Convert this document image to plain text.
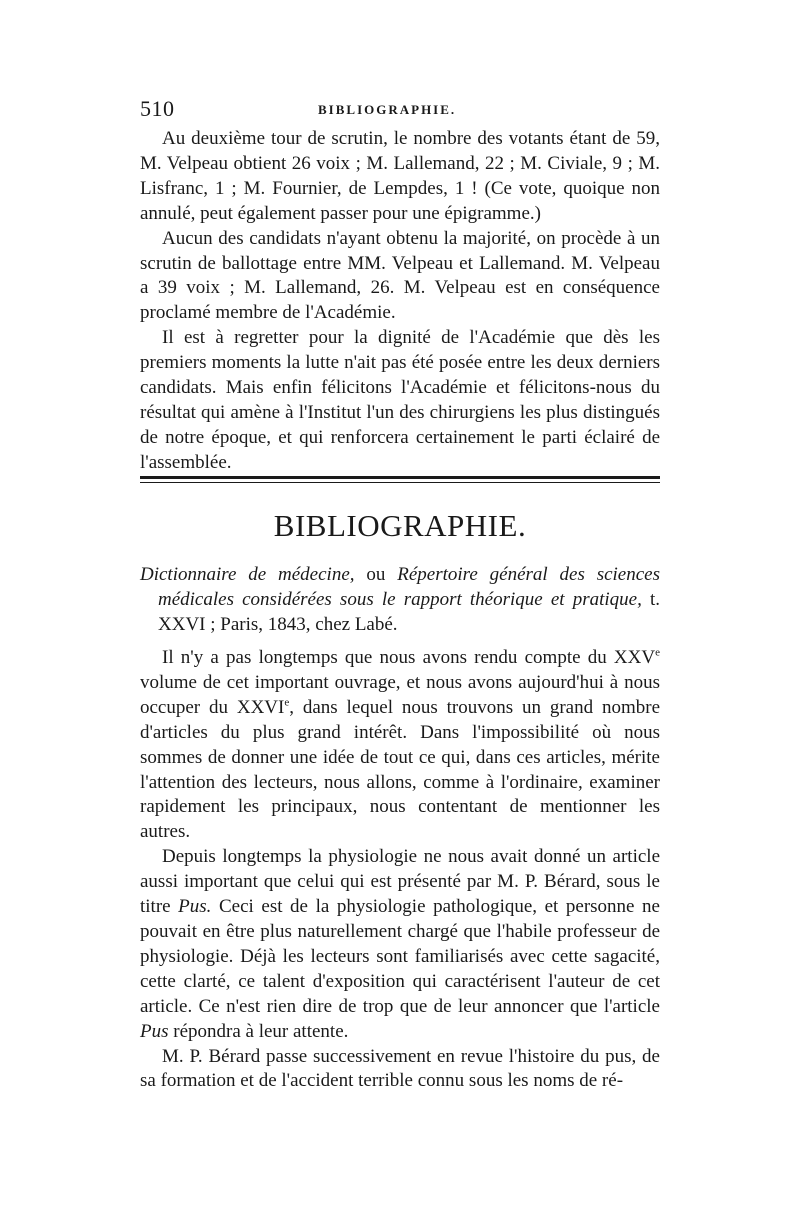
510	BIBLIOGRAPHIE.

Au deuxième tour de scrutin, le nombre des votants étant de 59, M. Velpeau obtient 26 voix ; M. Lallemand, 22 ; M. Civiale, 9 ; M. Lisfranc, 1 ; M. Fournier, de Lempdes, 1 ! (Ce vote, quoique non annulé, peut également passer pour une épigramme.)

Aucun des candidats n'ayant obtenu la majorité, on procède à un scrutin de ballottage entre MM. Velpeau et Lallemand. M. Velpeau a 39 voix ; M. Lallemand, 26. M. Velpeau est en conséquence proclamé membre de l'Académie.

Il est à regretter pour la dignité de l'Académie que dès les premiers moments la lutte n'ait pas été posée entre les deux derniers candidats. Mais enfin félicitons l'Académie et félicitons-nous du résultat qui amène à l'Institut l'un des chirurgiens les plus distingués de notre époque, et qui renforcera certainement le parti éclairé de l'assemblée.

BIBLIOGRAPHIE.

Dictionnaire de médecine, ou Répertoire général des sciences médicales considérées sous le rapport théorique et pratique, t. XXVI ; Paris, 1843, chez Labé.

Il n'y a pas longtemps que nous avons rendu compte du XXVe volume de cet important ouvrage, et nous avons aujourd'hui à nous occuper du XXVIe, dans lequel nous trouvons un grand nombre d'articles du plus grand intérêt. Dans l'impossibilité où nous sommes de donner une idée de tout ce qui, dans ces articles, mérite l'attention des lecteurs, nous allons, comme à l'ordinaire, examiner rapidement les principaux, nous contentant de mentionner les autres.

Depuis longtemps la physiologie ne nous avait donné un article aussi important que celui qui est présenté par M. P. Bérard, sous le titre Pus. Ceci est de la physiologie pathologique, et personne ne pouvait en être plus naturellement chargé que l'habile professeur de physiologie. Déjà les lecteurs sont familiarisés avec cette sagacité, cette clarté, ce talent d'exposition qui caractérisent l'auteur de cet article. Ce n'est rien dire de trop que de leur annoncer que l'article Pus répondra à leur attente.

M. P. Bérard passe successivement en revue l'histoire du pus, de sa formation et de l'accident terrible connu sous les noms de ré-
